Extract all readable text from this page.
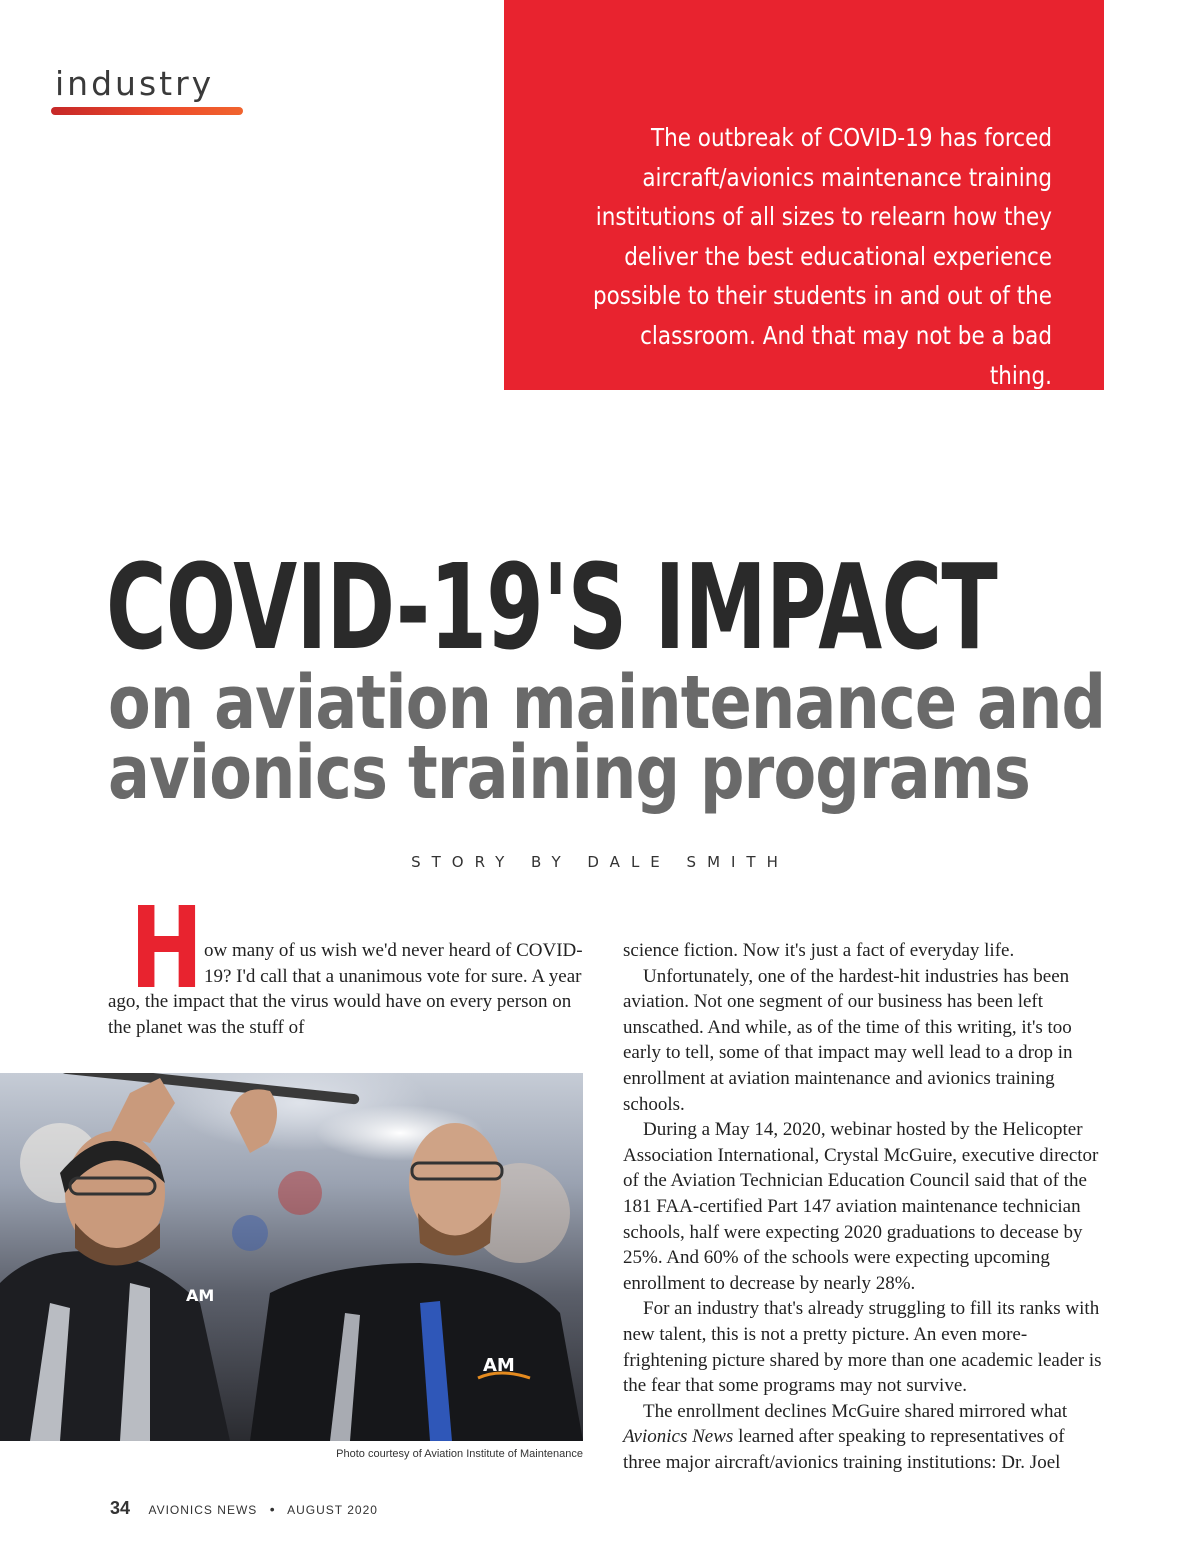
industry
The outbreak of COVID-19 has forced
aircraft/avionics maintenance training
institutions of all sizes to relearn how they
deliver the best educational experience
possible to their students in and out of the
classroom. And that may not be a bad thing.
COVID-19'S IMPACT
on aviation maintenance and
avionics training programs
STORY BY DALE SMITH
H ow many of us wish we'd never heard of COVID-19? I'd call that a unanimous vote for sure. A year ago, the impact that the virus would have on every person on the planet was the stuff of

AM
AM
Photo courtesy of Aviation Institute of Maintenance

science fiction. Now it's just a fact of everyday life.

Unfortunately, one of the hardest-hit industries has been aviation. Not one segment of our business has been left unscathed. And while, as of the time of this writing, it's too early to tell, some of that impact may well lead to a drop in enrollment at aviation maintenance and avionics training schools.

During a May 14, 2020, webinar hosted by the Helicopter Association International, Crystal McGuire, executive director of the Aviation Technician Education Council said that of the 181 FAA-certified Part 147 aviation maintenance technician schools, half were expecting 2020 graduations to decease by 25%. And 60% of the schools were expecting upcoming enrollment to decrease by nearly 28%.

For an industry that's already struggling to fill its ranks with new talent, this is not a pretty picture. An even more-frightening picture shared by more than one academic leader is the fear that some programs may not survive.

The enrollment declines McGuire shared mirrored what Avionics News learned after speaking to representatives of three major aircraft/avionics training institutions: Dr. Joel

34 AVIONICS NEWS • AUGUST 2020
